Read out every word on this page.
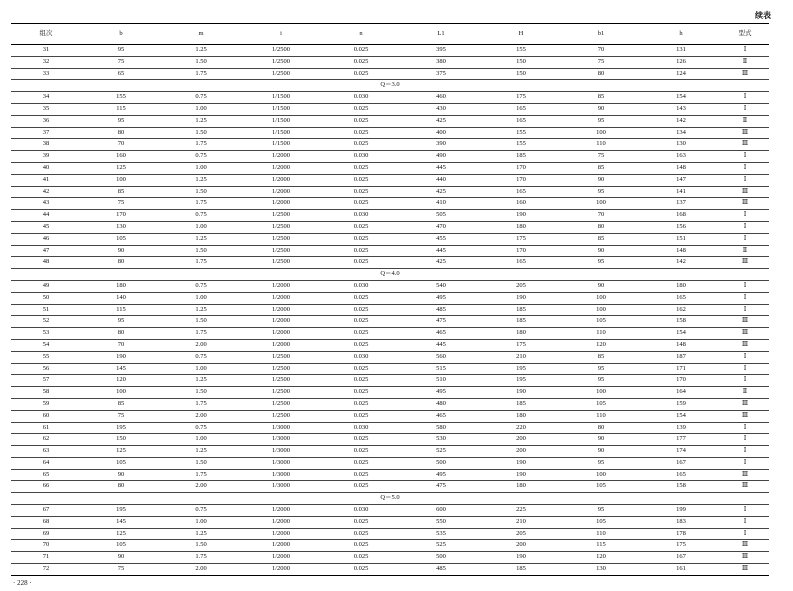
续表
组次	b	m	i	n	L1	H	b1	h	型式
31	95	1.25	1/2500	0.025	395	155	70	131	Ⅰ
32	75	1.50	1/2500	0.025	380	150	75	126	Ⅱ
33	65	1.75	1/2500	0.025	375	150	80	124	Ⅲ
Q＝3.0									
34	155	0.75	1/1500	0.030	460	175	85	154	Ⅰ
35	115	1.00	1/1500	0.025	430	165	90	143	Ⅰ
36	95	1.25	1/1500	0.025	425	165	95	142	Ⅱ
37	80	1.50	1/1500	0.025	400	155	100	134	Ⅲ
38	70	1.75	1/1500	0.025	390	155	110	130	Ⅲ
39	160	0.75	1/2000	0.030	490	185	75	163	Ⅰ
40	125	1.00	1/2000	0.025	445	170	85	148	Ⅰ
41	100	1.25	1/2000	0.025	440	170	90	147	Ⅰ
42	85	1.50	1/2000	0.025	425	165	95	141	Ⅲ
43	75	1.75	1/2000	0.025	410	160	100	137	Ⅲ
44	170	0.75	1/2500	0.030	505	190	70	168	Ⅰ
45	130	1.00	1/2500	0.025	470	180	80	156	Ⅰ
46	105	1.25	1/2500	0.025	455	175	85	151	Ⅰ
47	90	1.50	1/2500	0.025	445	170	90	148	Ⅱ
48	80	1.75	1/2500	0.025	425	165	95	142	Ⅲ
Q＝4.0									
49	180	0.75	1/2000	0.030	540	205	90	180	Ⅰ
50	140	1.00	1/2000	0.025	495	190	100	165	Ⅰ
51	115	1.25	1/2000	0.025	485	185	100	162	Ⅰ
52	95	1.50	1/2000	0.025	475	185	105	158	Ⅲ
53	80	1.75	1/2000	0.025	465	180	110	154	Ⅲ
54	70	2.00	1/2000	0.025	445	175	120	148	Ⅲ
55	190	0.75	1/2500	0.030	560	210	85	187	Ⅰ
56	145	1.00	1/2500	0.025	515	195	95	171	Ⅰ
57	120	1.25	1/2500	0.025	510	195	95	170	Ⅰ
58	100	1.50	1/2500	0.025	495	190	100	164	Ⅱ
59	85	1.75	1/2500	0.025	480	185	105	159	Ⅲ
60	75	2.00	1/2500	0.025	465	180	110	154	Ⅲ
61	195	0.75	1/3000	0.030	580	220	80	139	Ⅰ
62	150	1.00	1/3000	0.025	530	200	90	177	Ⅰ
63	125	1.25	1/3000	0.025	525	200	90	174	Ⅰ
64	105	1.50	1/3000	0.025	500	190	95	167	Ⅰ
65	90	1.75	1/3000	0.025	495	190	100	165	Ⅲ
66	80	2.00	1/3000	0.025	475	180	105	158	Ⅲ
Q＝5.0									
67	195	0.75	1/2000	0.030	600	225	95	199	Ⅰ
68	145	1.00	1/2000	0.025	550	210	105	183	Ⅰ
69	125	1.25	1/2000	0.025	535	205	110	178	Ⅰ
70	105	1.50	1/2000	0.025	525	200	115	175	Ⅲ
71	90	1.75	1/2000	0.025	500	190	120	167	Ⅲ
72	75	2.00	1/2000	0.025	485	185	130	161	Ⅲ
· 228 ·
